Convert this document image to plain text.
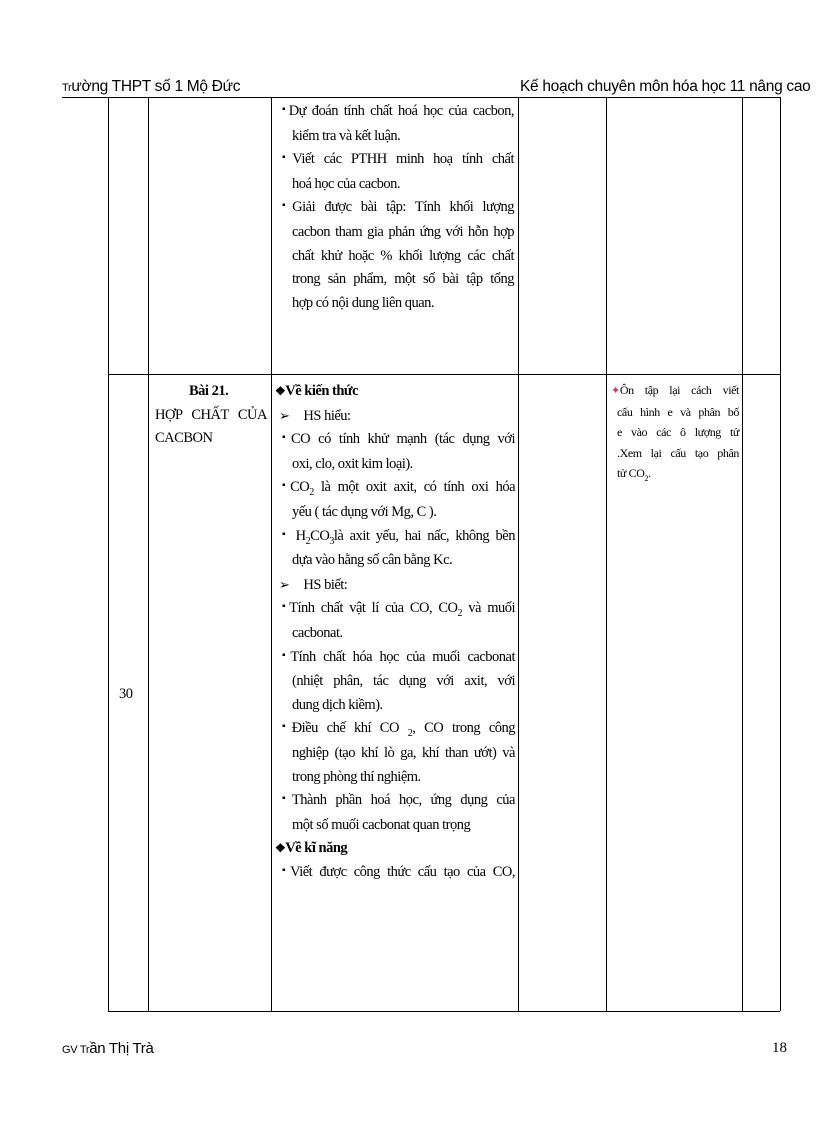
Trường THPT số 1 Mộ Đức	Kế hoạch chuyên môn hóa học 11 nâng cao
▪ Dự đoán tính chất hoá học của cacbon,
kiểm tra và kết luận.
▪ Viết các PTHH minh hoạ tính chất
hoá học của cacbon.
▪ Giải được bài tập: Tính khối lượng
cacbon tham gia phản ứng với hỗn hợp
chất khử hoặc % khối lượng các chất
trong sản phẩm, một số bài tập tổng
hợp có nội dung liên quan.
30
Bài 21.
HỢP CHẤT CỦA
CACBON
❖Về kiến thức
➢ HS hiểu:
▪ CO có tính khử mạnh (tác dụng với
oxi, clo, oxit kim loại).
▪ $CO_2$ là một oxit axit, có tính oxi hóa
yếu ( tác dụng với Mg, C ).
▪ $H_2CO_3là$ axit yếu, hai nấc, không bền
dựa vào hằng số cân bằng Kc.
➢ HS biết:
▪ Tính chất vật lí của CO, $CO_2$ và muối
cacbonat.
▪ Tính chất hóa học của muối cacbonat
(nhiệt phân, tác dụng với axit, với
dung dịch kiềm).
▪ Điều chế khí CO $_2$, CO trong công
nghiệp (tạo khí lò ga, khí than ướt) và
trong phòng thí nghiệm.
▪ Thành phần hoá học, ứng dụng của
một số muối cacbonat quan trọng
❖Về kĩ năng
▪ Viết được công thức cấu tạo của CO,
✦Ôn tập lại cách viết
cấu hình e và phân bố
e vào các ô lượng tử
.Xem lại cấu tạo phân
tử $CO_2$.
GV Trần Thị Trà	18
